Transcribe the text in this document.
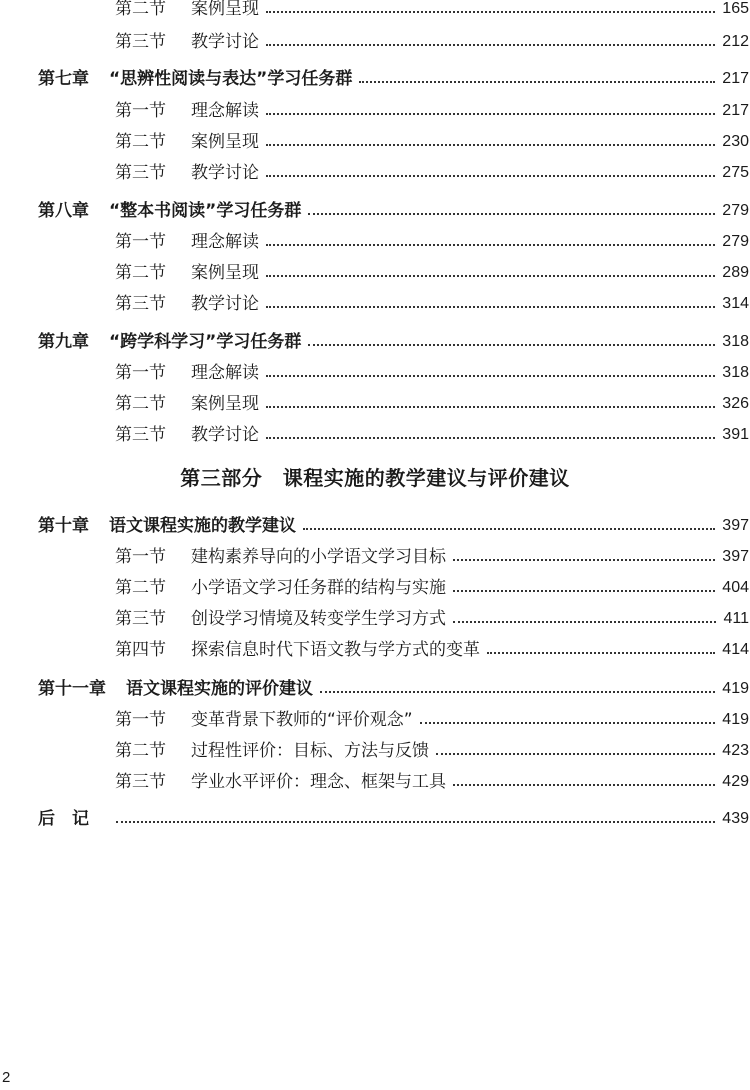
第三部分　课程实施的教学建议与评价建议
第二节	案例呈现	165
第三节	教学讨论	212
第七章 “思辨性阅读与表达”学习任务群	217
第一节	理念解读	217
第二节	案例呈现	230
第三节	教学讨论	275
第八章 “整本书阅读”学习任务群	279
第一节	理念解读	279
第二节	案例呈现	289
第三节	教学讨论	314
第九章 “跨学科学习”学习任务群	318
第一节	理念解读	318
第二节	案例呈现	326
第三节	教学讨论	391
第十章 语文课程实施的教学建议	397
第一节	建构素养导向的小学语文学习目标	397
第二节	小学语文学习任务群的结构与实施	404
第三节	创设学习情境及转变学生学习方式	411
第四节	探索信息时代下语文教与学方式的变革	414
第十一章 语文课程实施的评价建议	419
第一节	变革背景下教师的“评价观念”	419
第二节	过程性评价：目标、方法与反馈	423
第三节	学业水平评价：理念、框架与工具	429
后　记	439
2
